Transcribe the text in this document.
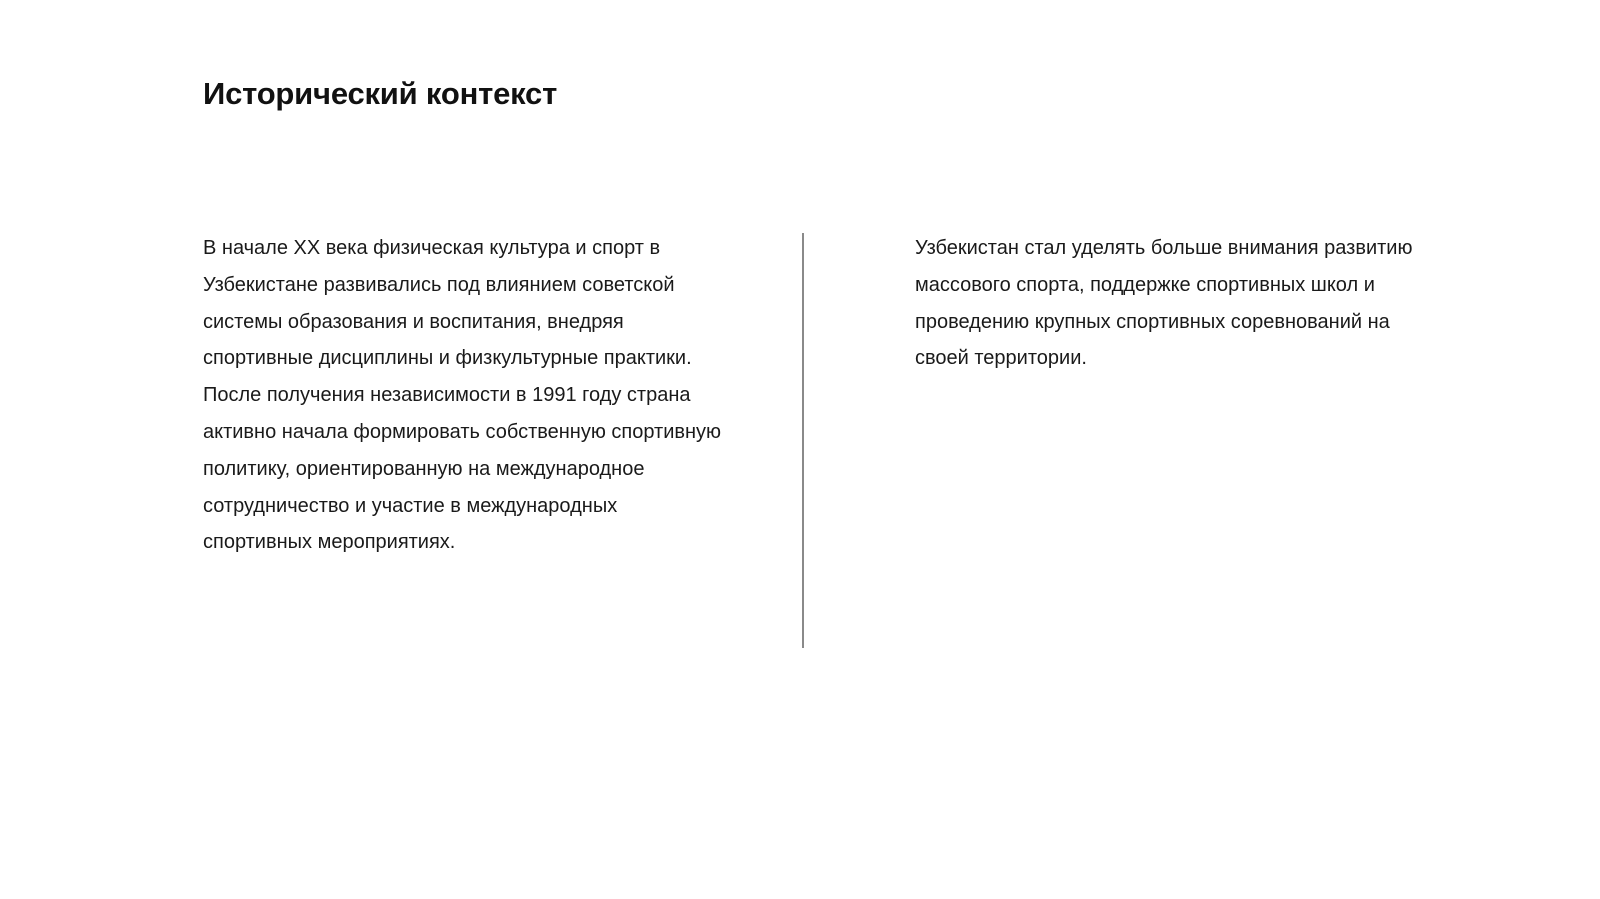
Исторический контекст

В начале XX века физическая культура и спорт в Узбекистане развивались под влиянием советской системы образования и воспитания, внедряя спортивные дисциплины и физкультурные практики. После получения независимости в 1991 году страна активно начала формировать собственную спортивную политику, ориентированную на международное сотрудничество и участие в международных спортивных мероприятиях.

Узбекистан стал уделять больше внимания развитию массового спорта, поддержке спортивных школ и проведению крупных спортивных соревнований на своей территории.
